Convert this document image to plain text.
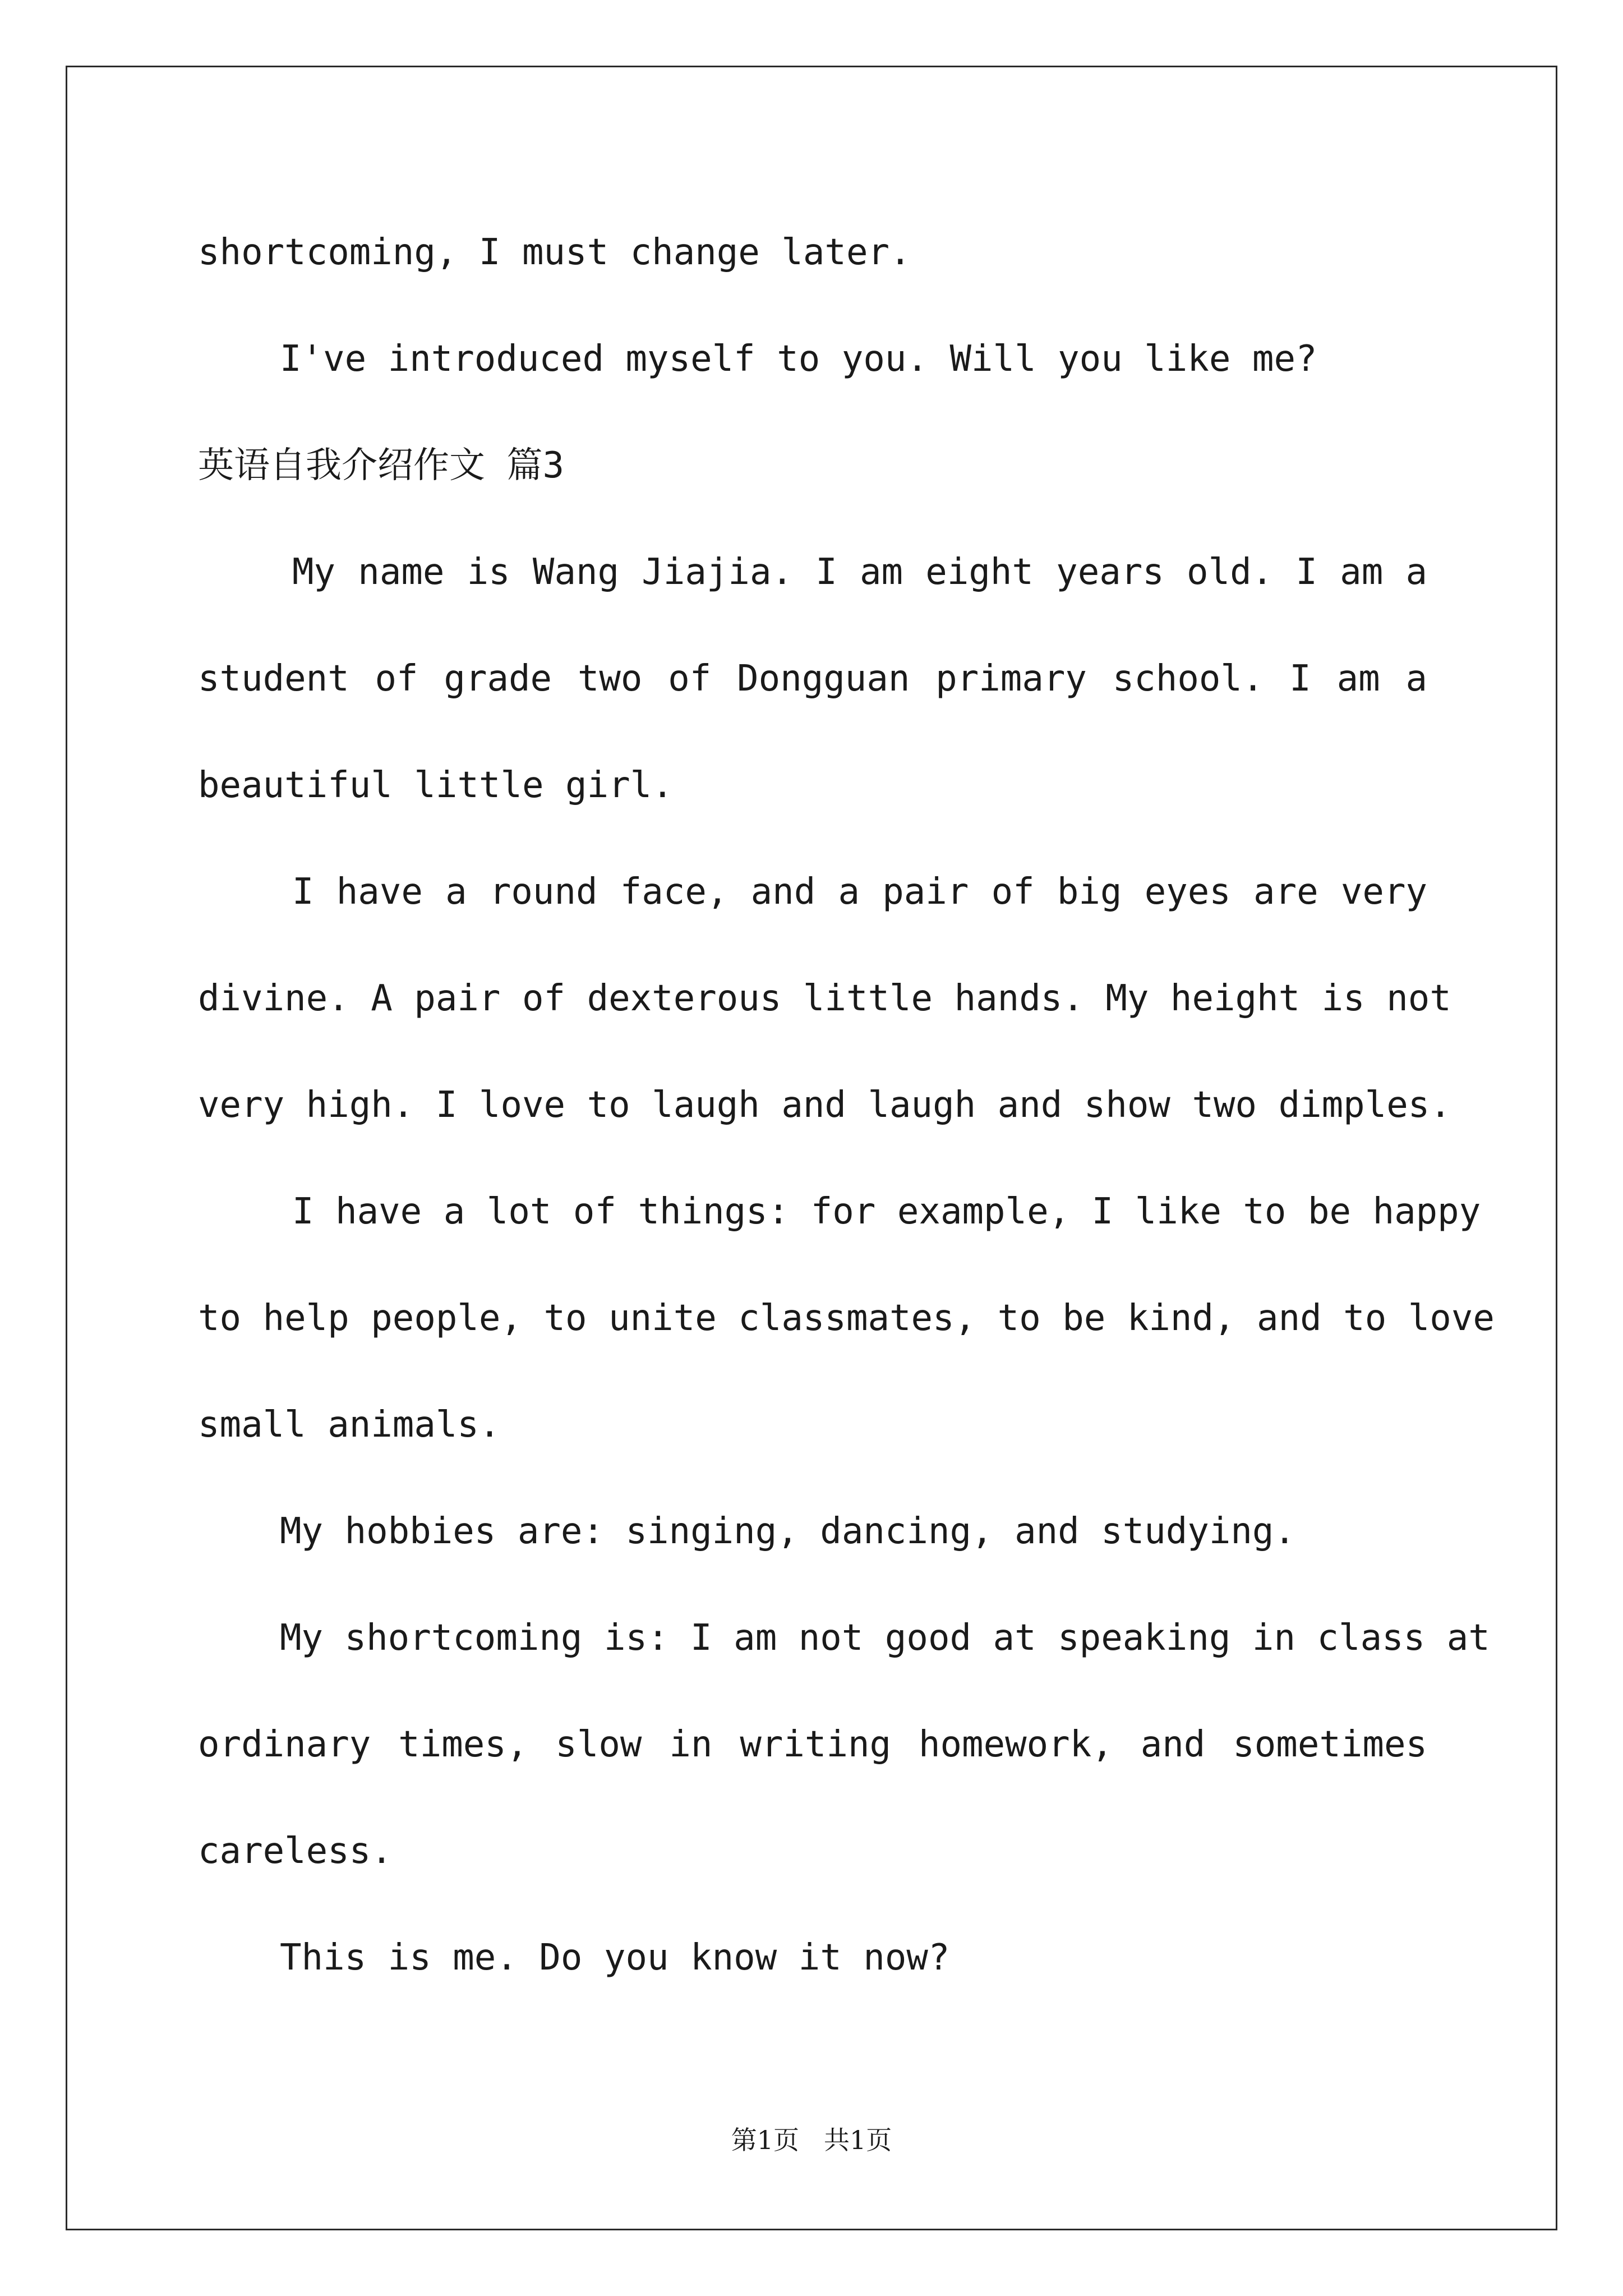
shortcoming, I must change later.
I've introduced myself to you. Will you like me?
英语自我介绍作文 篇3
My name is Wang Jiajia. I am eight years old. I am a
student of grade two of Dongguan primary school. I am a
beautiful little girl.
I have a round face, and a pair of big eyes are very
divine. A pair of dexterous little hands. My height is not
very high. I love to laugh and laugh and show two dimples.
I have a lot of things: for example, I like to be happy
to help people, to unite classmates, to be kind, and to love
small animals.
My hobbies are: singing, dancing, and studying.
My shortcoming is: I am not good at speaking in class at
ordinary times, slow in writing homework, and sometimes
careless.
This is me. Do you know it now?
第1页 共1页
